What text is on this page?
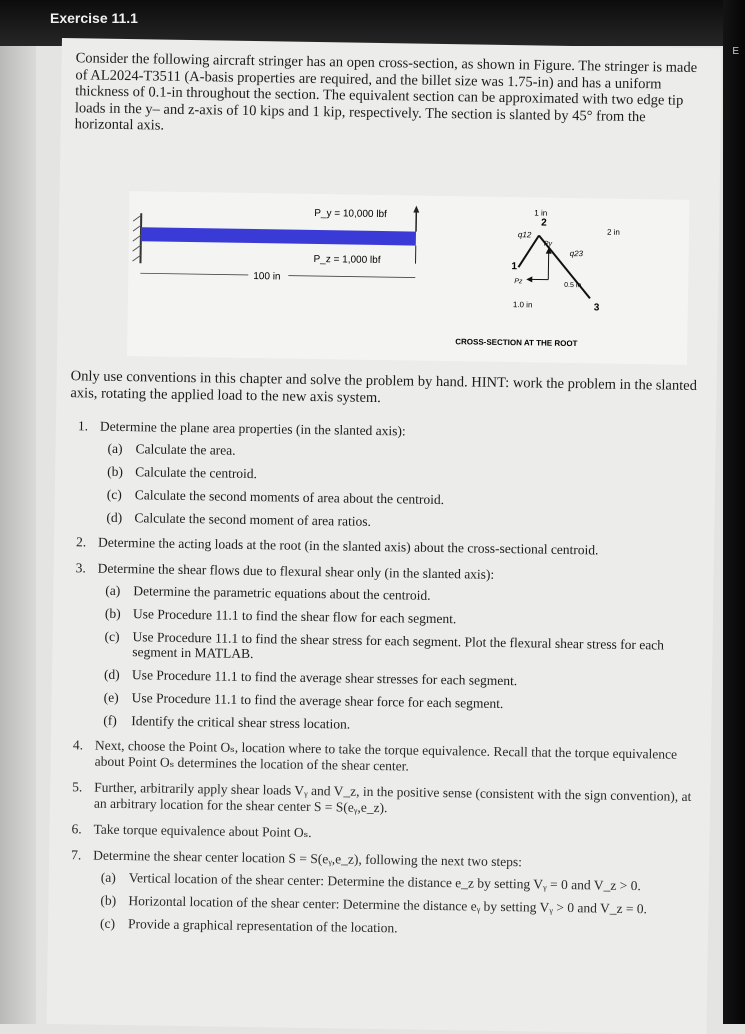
Exercise 11.1
E
Consider the following aircraft stringer has an open cross-section, as shown in Figure. The stringer is made of AL2024-T3511 (A-basis properties are required, and the billet size was 1.75-in) and has a uniform thickness of 0.1-in throughout the section. The equivalent section can be approximated with two edge tip loads in the y– and z-axis of 10 kips and 1 kip, respectively. The section is slanted by 45° from the horizontal axis.
P_y = 10,000 lbf
P_z = 1,000 lbf
100 in
1 in
2 in
1.0 in
0.5 in
1
2
3
q12
q23
Py
Pz
CROSS-SECTION AT THE ROOT
Only use conventions in this chapter and solve the problem by hand. HINT: work the problem in the slanted axis, rotating the applied load to the new axis system.
1. Determine the plane area properties (in the slanted axis):
(a) Calculate the area.
(b) Calculate the centroid.
(c) Calculate the second moments of area about the centroid.
(d) Calculate the second moment of area ratios.
2. Determine the acting loads at the root (in the slanted axis) about the cross-sectional centroid.
3. Determine the shear flows due to flexural shear only (in the slanted axis):
(a) Determine the parametric equations about the centroid.
(b) Use Procedure 11.1 to find the shear flow for each segment.
(c) Use Procedure 11.1 to find the shear stress for each segment. Plot the flexural shear stress for each segment in MATLAB.
(d) Use Procedure 11.1 to find the average shear stresses for each segment.
(e) Use Procedure 11.1 to find the average shear force for each segment.
(f)	Identify the critical shear stress location.
4. Next, choose the Point Oₛ, location where to take the torque equivalence. Recall that the torque equivalence about Point Oₛ determines the location of the shear center.
5. Further, arbitrarily apply shear loads Vᵧ and V_z, in the positive sense (consistent with the sign convention), at an arbitrary location for the shear center S = S(eᵧ,e_z).
6. Take torque equivalence about Point Oₛ.
7. Determine the shear center location S = S(eᵧ,e_z), following the next two steps:
(a) Vertical location of the shear center: Determine the distance e_z by setting Vᵧ = 0 and V_z > 0.
(b) Horizontal location of the shear center: Determine the distance eᵧ by setting Vᵧ > 0 and V_z = 0.
(c) Provide a graphical representation of the location.
